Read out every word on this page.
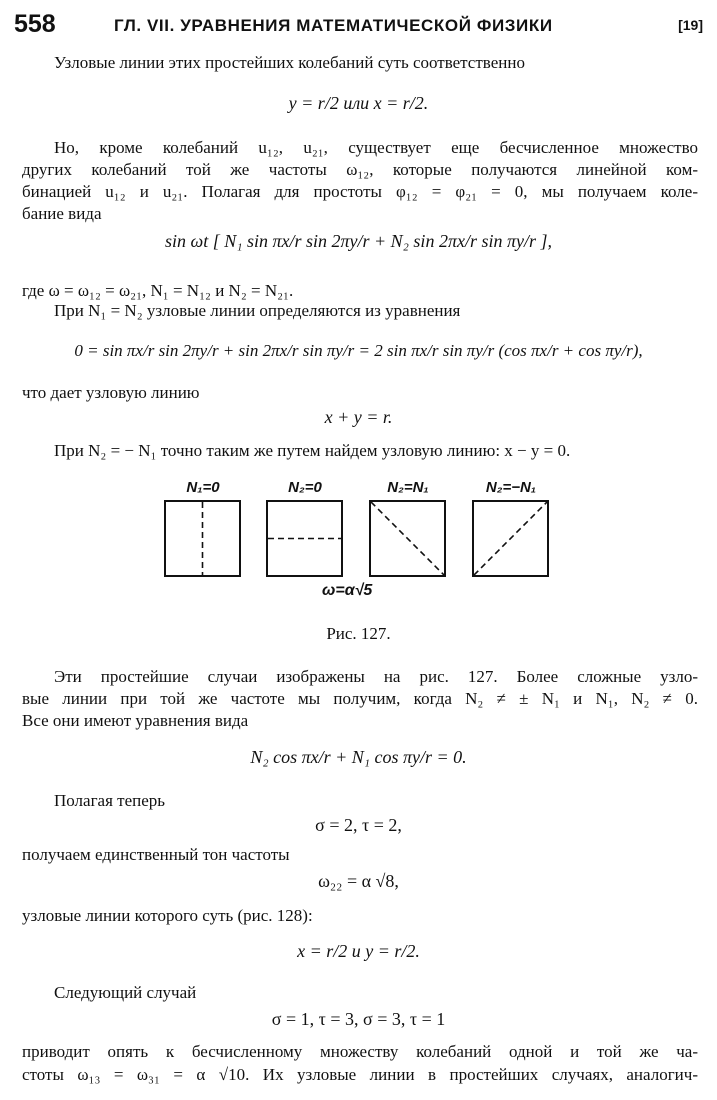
558	ГЛ. VII. УРАВНЕНИЯ МАТЕМАТИЧЕСКОЙ ФИЗИКИ	[19]
Узловые линии этих простейших колебаний суть соответственно
y = r/2 или x = r/2.
Но, кроме колебаний u₁₂, u₂₁, существует еще бесчисленное множество
других колебаний той же частоты ω₁₂, которые получаются линейной ком-
бинацией u₁₂ и u₂₁. Полагая для простоты φ₁₂ = φ₂₁ = 0, мы получаем коле-
бание вида
sin ωt [ N₁ sin πx/r sin 2πy/r + N₂ sin 2πx/r sin πy/r ],
где ω = ω₁₂ = ω₂₁, N₁ = N₁₂ и N₂ = N₂₁.
При N₁ = N₂ узловые линии определяются из уравнения
0 = sin πx/r sin 2πy/r + sin 2πx/r sin πy/r = 2 sin πx/r sin πy/r (cos πx/r + cos πy/r),
что дает узловую линию
x + y = r.
При N₂ = − N₁ точно таким же путем найдем узловую линию: x − y = 0.
N₁=0	N₂=0	N₂=N₁	N₂=−N₁
ω=α√5
Рис. 127.
Эти простейшие случаи изображены на рис. 127. Более сложные узло-
вые линии при той же частоте мы получим, когда N₂ ≠ ± N₁ и N₁, N₂ ≠ 0.
Все они имеют уравнения вида
N₂ cos πx/r + N₁ cos πy/r = 0.
Полагая теперь
σ = 2, τ = 2,
получаем единственный тон частоты
ω₂₂ = α √8,
узловые линии которого суть (рис. 128):
x = r/2 и y = r/2.
Следующий случай
σ = 1, τ = 3, σ = 3, τ = 1
приводит опять к бесчисленному множеству колебаний одной и той же ча-
стоты ω₁₃ = ω₃₁ = α √10. Их узловые линии в простейших случаях, аналогич-
